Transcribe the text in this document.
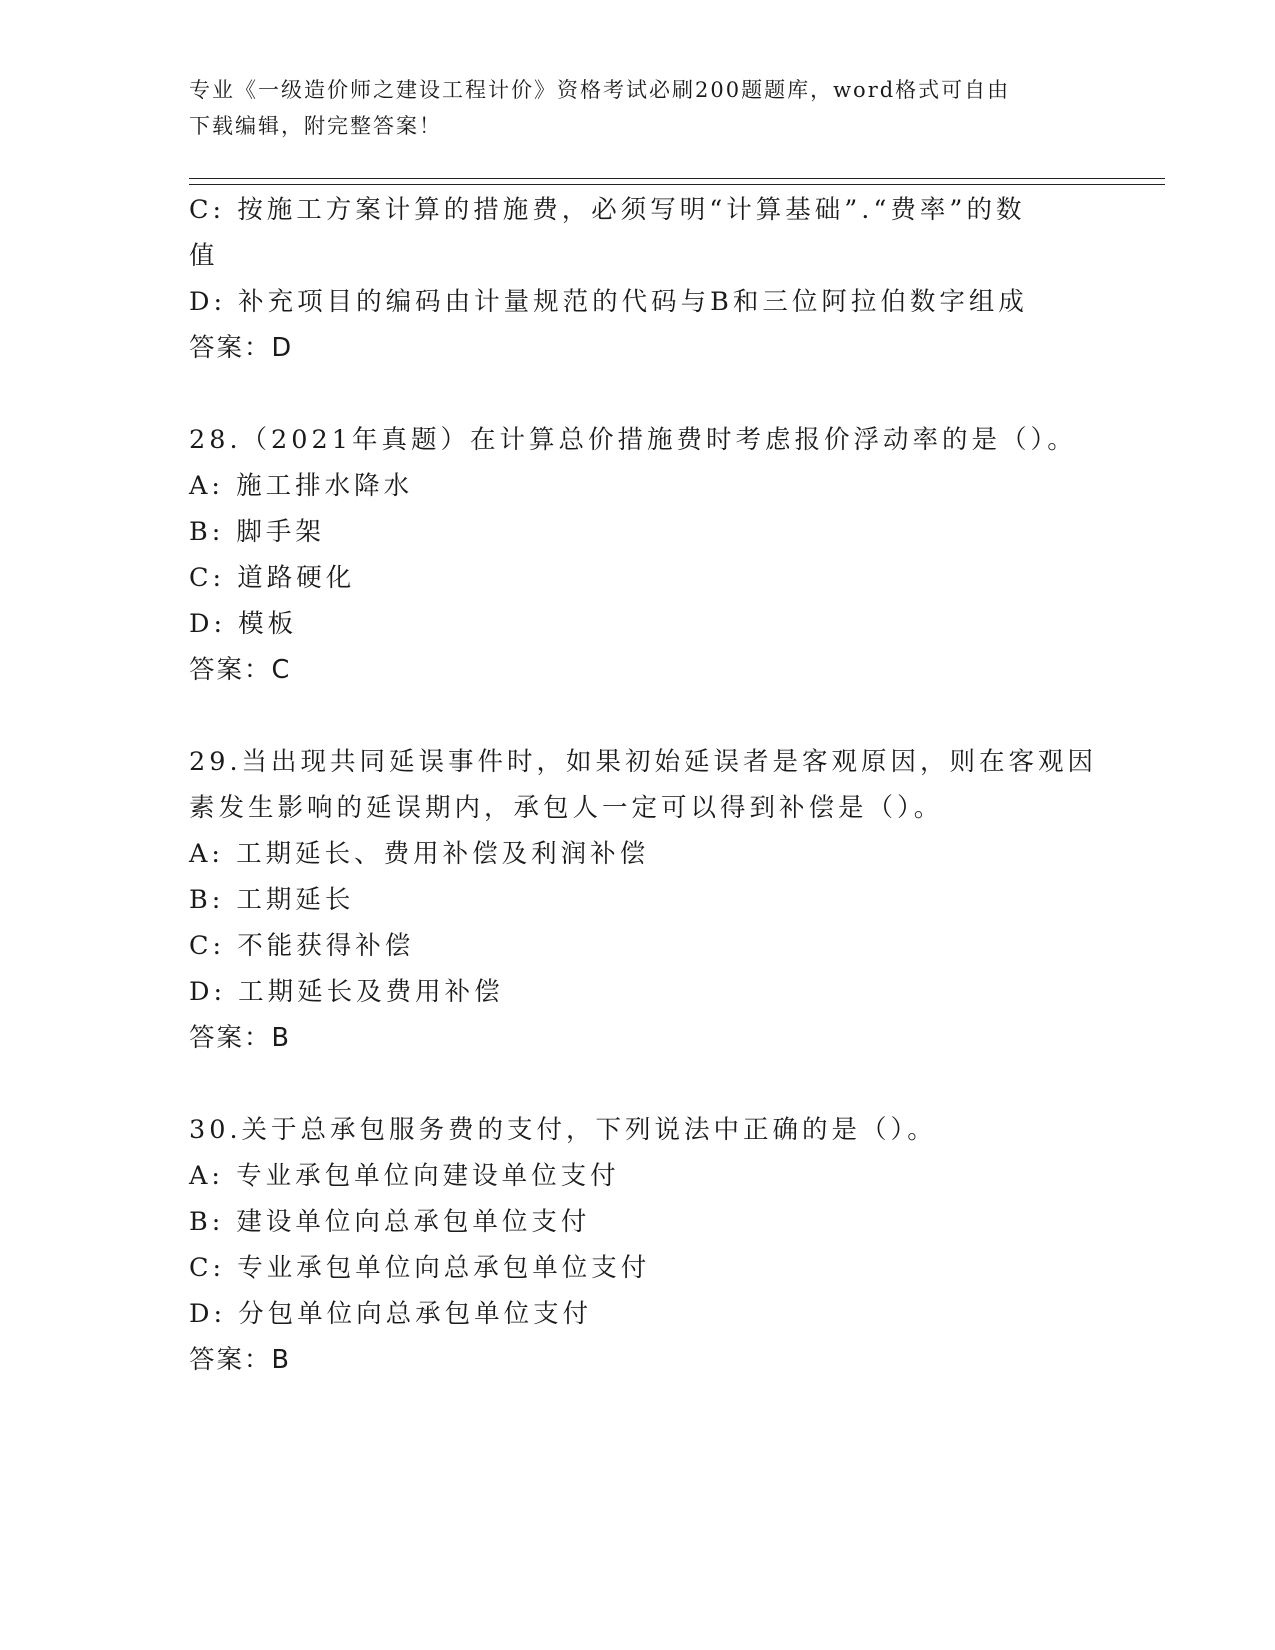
专业《一级造价师之建设工程计价》资格考试必刷200题题库，word格式可自由
下载编辑，附完整答案！
C: 按施工方案计算的措施费，必须写明“计算基础”.“费率”的数
值
D: 补充项目的编码由计量规范的代码与B和三位阿拉伯数字组成
答案：D
28.（2021年真题）在计算总价措施费时考虑报价浮动率的是（）。
A: 施工排水降水
B: 脚手架
C: 道路硬化
D: 模板
答案：C
29.当出现共同延误事件时，如果初始延误者是客观原因，则在客观因
素发生影响的延误期内，承包人一定可以得到补偿是（）。
A: 工期延长、费用补偿及利润补偿
B: 工期延长
C: 不能获得补偿
D: 工期延长及费用补偿
答案：B
30.关于总承包服务费的支付，下列说法中正确的是（）。
A: 专业承包单位向建设单位支付
B: 建设单位向总承包单位支付
C: 专业承包单位向总承包单位支付
D: 分包单位向总承包单位支付
答案：B
